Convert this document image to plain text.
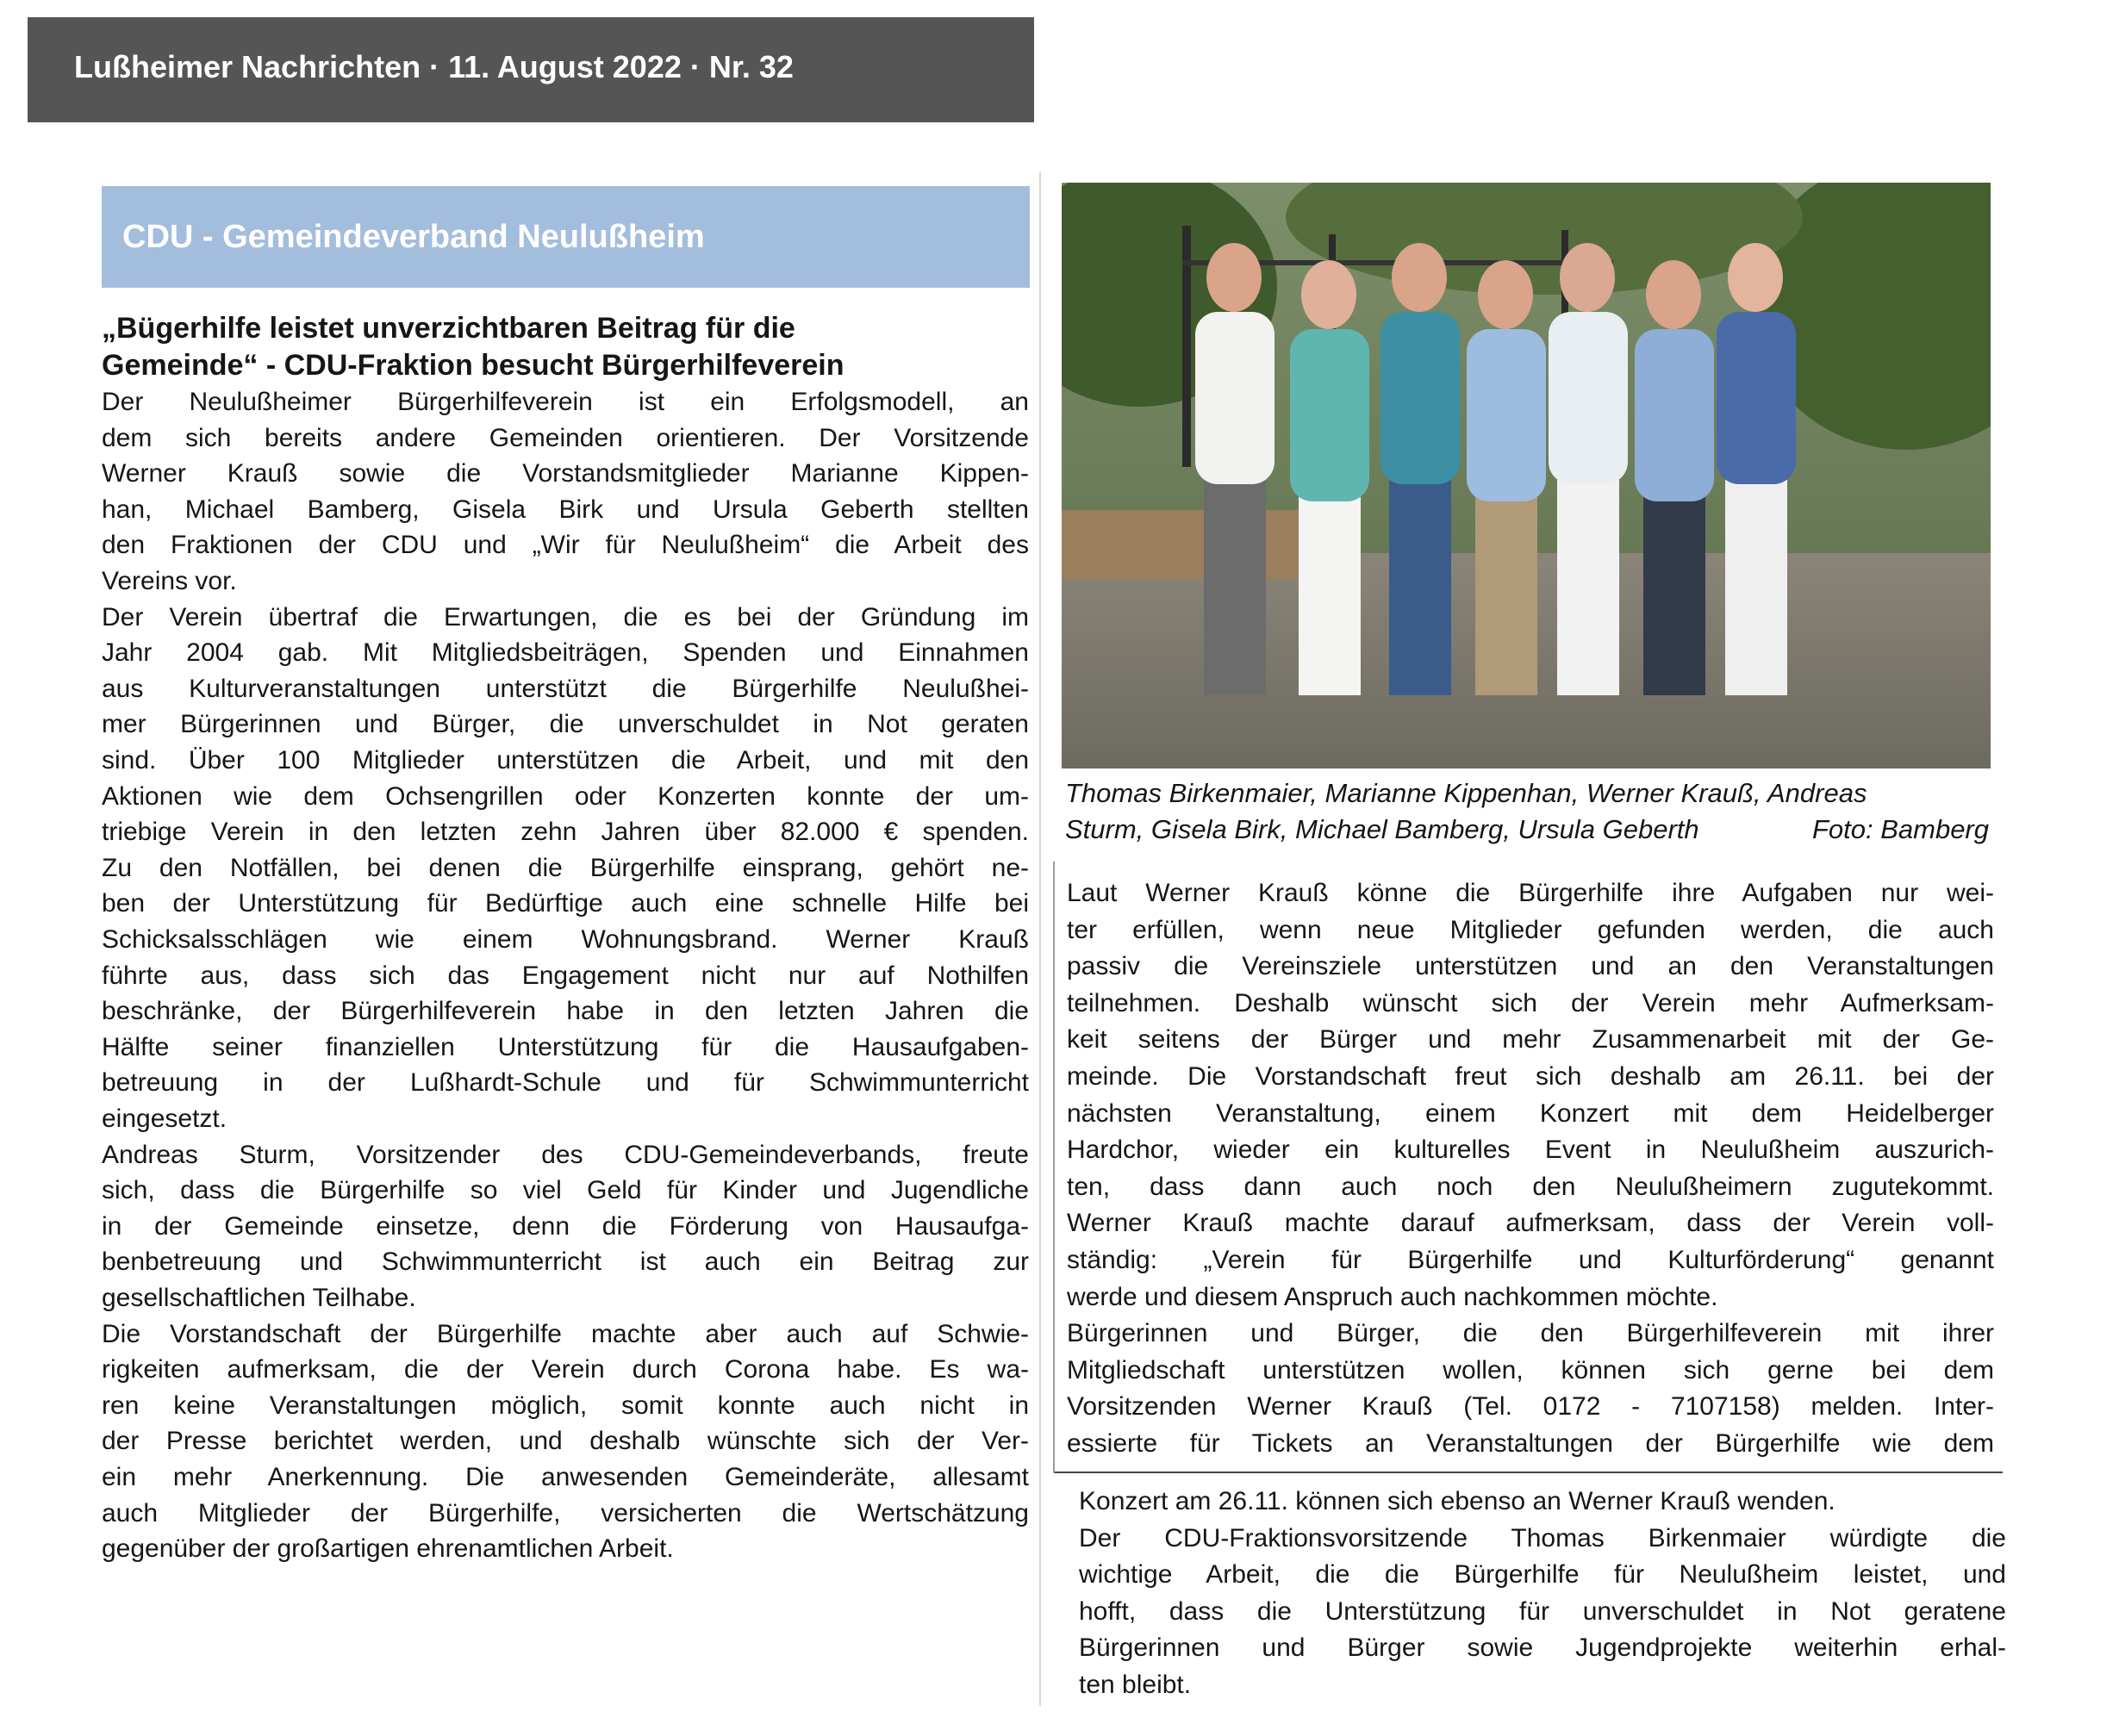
Lußheimer Nachrichten · 11. August 2022 · Nr. 32
CDU - Gemeindeverband Neulußheim
„Bügerhilfe leistet unverzichtbaren Beitrag für die
Gemeinde“ - CDU-Fraktion besucht Bürgerhilfeverein
Der Neulußheimer Bürgerhilfeverein ist ein Erfolgsmodell, an
dem sich bereits andere Gemeinden orientieren. Der Vorsitzende
Werner Krauß sowie die Vorstandsmitglieder Marianne Kippen-
han, Michael Bamberg, Gisela Birk und Ursula Geberth stellten
den Fraktionen der CDU und „Wir für Neulußheim“ die Arbeit des
Vereins vor.
Der Verein übertraf die Erwartungen, die es bei der Gründung im
Jahr 2004 gab. Mit Mitgliedsbeiträgen, Spenden und Einnahmen
aus Kulturveranstaltungen unterstützt die Bürgerhilfe Neulußhei-
mer Bürgerinnen und Bürger, die unverschuldet in Not geraten
sind. Über 100 Mitglieder unterstützen die Arbeit, und mit den
Aktionen wie dem Ochsengrillen oder Konzerten konnte der um-
triebige Verein in den letzten zehn Jahren über 82.000 € spenden.
Zu den Notfällen, bei denen die Bürgerhilfe einsprang, gehört ne-
ben der Unterstützung für Bedürftige auch eine schnelle Hilfe bei
Schicksalsschlägen wie einem Wohnungsbrand. Werner Krauß
führte aus, dass sich das Engagement nicht nur auf Nothilfen
beschränke, der Bürgerhilfeverein habe in den letzten Jahren die
Hälfte seiner finanziellen Unterstützung für die Hausaufgaben-
betreuung in der Lußhardt-Schule und für Schwimmunterricht
eingesetzt.
Andreas Sturm, Vorsitzender des CDU-Gemeindeverbands, freute
sich, dass die Bürgerhilfe so viel Geld für Kinder und Jugendliche
in der Gemeinde einsetze, denn die Förderung von Hausaufga-
benbetreuung und Schwimmunterricht ist auch ein Beitrag zur
gesellschaftlichen Teilhabe.
Die Vorstandschaft der Bürgerhilfe machte aber auch auf Schwie-
rigkeiten aufmerksam, die der Verein durch Corona habe. Es wa-
ren keine Veranstaltungen möglich, somit konnte auch nicht in
der Presse berichtet werden, und deshalb wünschte sich der Ver-
ein mehr Anerkennung. Die anwesenden Gemeinderäte, allesamt
auch Mitglieder der Bürgerhilfe, versicherten die Wertschätzung
gegenüber der großartigen ehrenamtlichen Arbeit.
Thomas Birkenmaier, Marianne Kippenhan, Werner Krauß, Andreas
Sturm, Gisela Birk, Michael Bamberg, Ursula Geberth	Foto: Bamberg
Laut Werner Krauß könne die Bürgerhilfe ihre Aufgaben nur wei-
ter erfüllen, wenn neue Mitglieder gefunden werden, die auch
passiv die Vereinsziele unterstützen und an den Veranstaltungen
teilnehmen. Deshalb wünscht sich der Verein mehr Aufmerksam-
keit seitens der Bürger und mehr Zusammenarbeit mit der Ge-
meinde. Die Vorstandschaft freut sich deshalb am 26.11. bei der
nächsten Veranstaltung, einem Konzert mit dem Heidelberger
Hardchor, wieder ein kulturelles Event in Neulußheim auszurich-
ten, dass dann auch noch den Neulußheimern zugutekommt.
Werner Krauß machte darauf aufmerksam, dass der Verein voll-
ständig: „Verein für Bürgerhilfe und Kulturförderung“ genannt
werde und diesem Anspruch auch nachkommen möchte.
Bürgerinnen und Bürger, die den Bürgerhilfeverein mit ihrer
Mitgliedschaft unterstützen wollen, können sich gerne bei dem
Vorsitzenden Werner Krauß (Tel. 0172 - 7107158) melden. Inter-
essierte für Tickets an Veranstaltungen der Bürgerhilfe wie dem
Konzert am 26.11. können sich ebenso an Werner Krauß wenden.
Der CDU-Fraktionsvorsitzende Thomas Birkenmaier würdigte die
wichtige Arbeit, die die Bürgerhilfe für Neulußheim leistet, und
hofft, dass die Unterstützung für unverschuldet in Not geratene
Bürgerinnen und Bürger sowie Jugendprojekte weiterhin erhal-
ten bleibt.
